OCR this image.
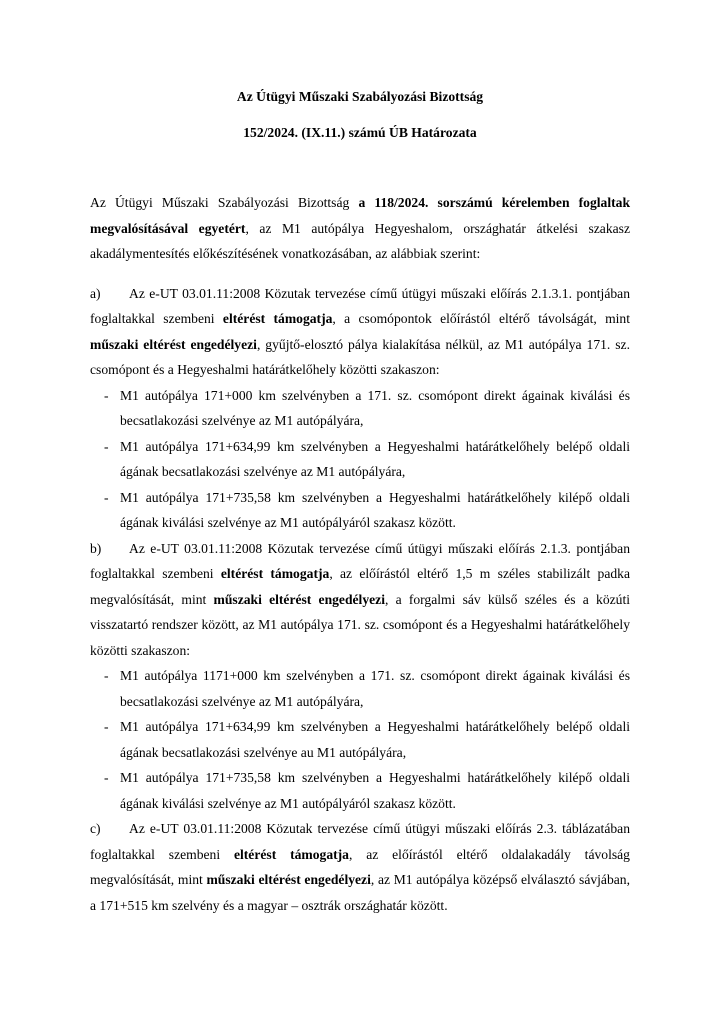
Az Útügyi Műszaki Szabályozási Bizottság
152/2024. (IX.11.) számú ÚB Határozata

Az Útügyi Műszaki Szabályozási Bizottság a 118/2024. sorszámú kérelemben foglaltak megvalósításával egyetért, az M1 autópálya Hegyeshalom, országhatár átkelési szakasz akadálymentesítés előkészítésének vonatkozásában, az alábbiak szerint:

a) Az e-UT 03.01.11:2008 Közutak tervezése című útügyi műszaki előírás 2.1.3.1. pontjában foglaltakkal szembeni eltérést támogatja, a csomópontok előírástól eltérő távolságát, mint műszaki eltérést engedélyezi, gyűjtő-elosztó pálya kialakítása nélkül, az M1 autópálya 171. sz. csomópont és a Hegyeshalmi határátkelőhely közötti szakaszon:

- M1 autópálya 171+000 km szelvényben a 171. sz. csomópont direkt ágainak kiválási és becsatlakozási szelvénye az M1 autópályára,
- M1 autópálya 171+634,99 km szelvényben a Hegyeshalmi határátkelőhely belépő oldali ágának becsatlakozási szelvénye az M1 autópályára,
- M1 autópálya 171+735,58 km szelvényben a Hegyeshalmi határátkelőhely kilépő oldali ágának kiválási szelvénye az M1 autópályáról szakasz között.

b) Az e-UT 03.01.11:2008 Közutak tervezése című útügyi műszaki előírás 2.1.3. pontjában foglaltakkal szembeni eltérést támogatja, az előírástól eltérő 1,5 m széles stabilizált padka megvalósítását, mint műszaki eltérést engedélyezi, a forgalmi sáv külső széles és a közúti visszatartó rendszer között, az M1 autópálya 171. sz. csomópont és a Hegyeshalmi határátkelőhely közötti szakaszon:

- M1 autópálya 1171+000 km szelvényben a 171. sz. csomópont direkt ágainak kiválási és becsatlakozási szelvénye az M1 autópályára,
- M1 autópálya 171+634,99 km szelvényben a Hegyeshalmi határátkelőhely belépő oldali ágának becsatlakozási szelvénye au M1 autópályára,
- M1 autópálya 171+735,58 km szelvényben a Hegyeshalmi határátkelőhely kilépő oldali ágának kiválási szelvénye az M1 autópályáról szakasz között.

c) Az e-UT 03.01.11:2008 Közutak tervezése című útügyi műszaki előírás 2.3. táblázatában foglaltakkal szembeni eltérést támogatja, az előírástól eltérő oldalakadály távolság megvalósítását, mint műszaki eltérést engedélyezi, az M1 autópálya középső elválasztó sávjában, a 171+515 km szelvény és a magyar – osztrák országhatár között.
